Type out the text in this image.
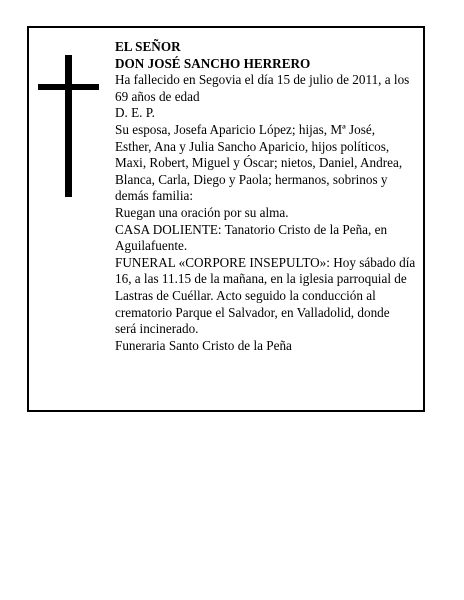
EL SEÑOR
DON JOSÉ SANCHO HERRERO
Ha fallecido en Segovia el día 15 de julio de 2011, a los
69 años de edad
D. E. P.
Su esposa, Josefa Aparicio López; hijas, Mª José,
Esther, Ana y Julia Sancho Aparicio, hijos políticos,
Maxi, Robert, Miguel y Óscar; nietos, Daniel, Andrea,
Blanca, Carla, Diego y Paola; hermanos, sobrinos y
demás familia:
Ruegan una oración por su alma.
CASA DOLIENTE: Tanatorio Cristo de la Peña, en
Aguilafuente.
FUNERAL «CORPORE INSEPULTO»: Hoy sábado día
16, a las 11.15 de la mañana, en la iglesia parroquial de
Lastras de Cuéllar. Acto seguido la conducción al
crematorio Parque el Salvador, en Valladolid, donde
será incinerado.
Funeraria Santo Cristo de la Peña
